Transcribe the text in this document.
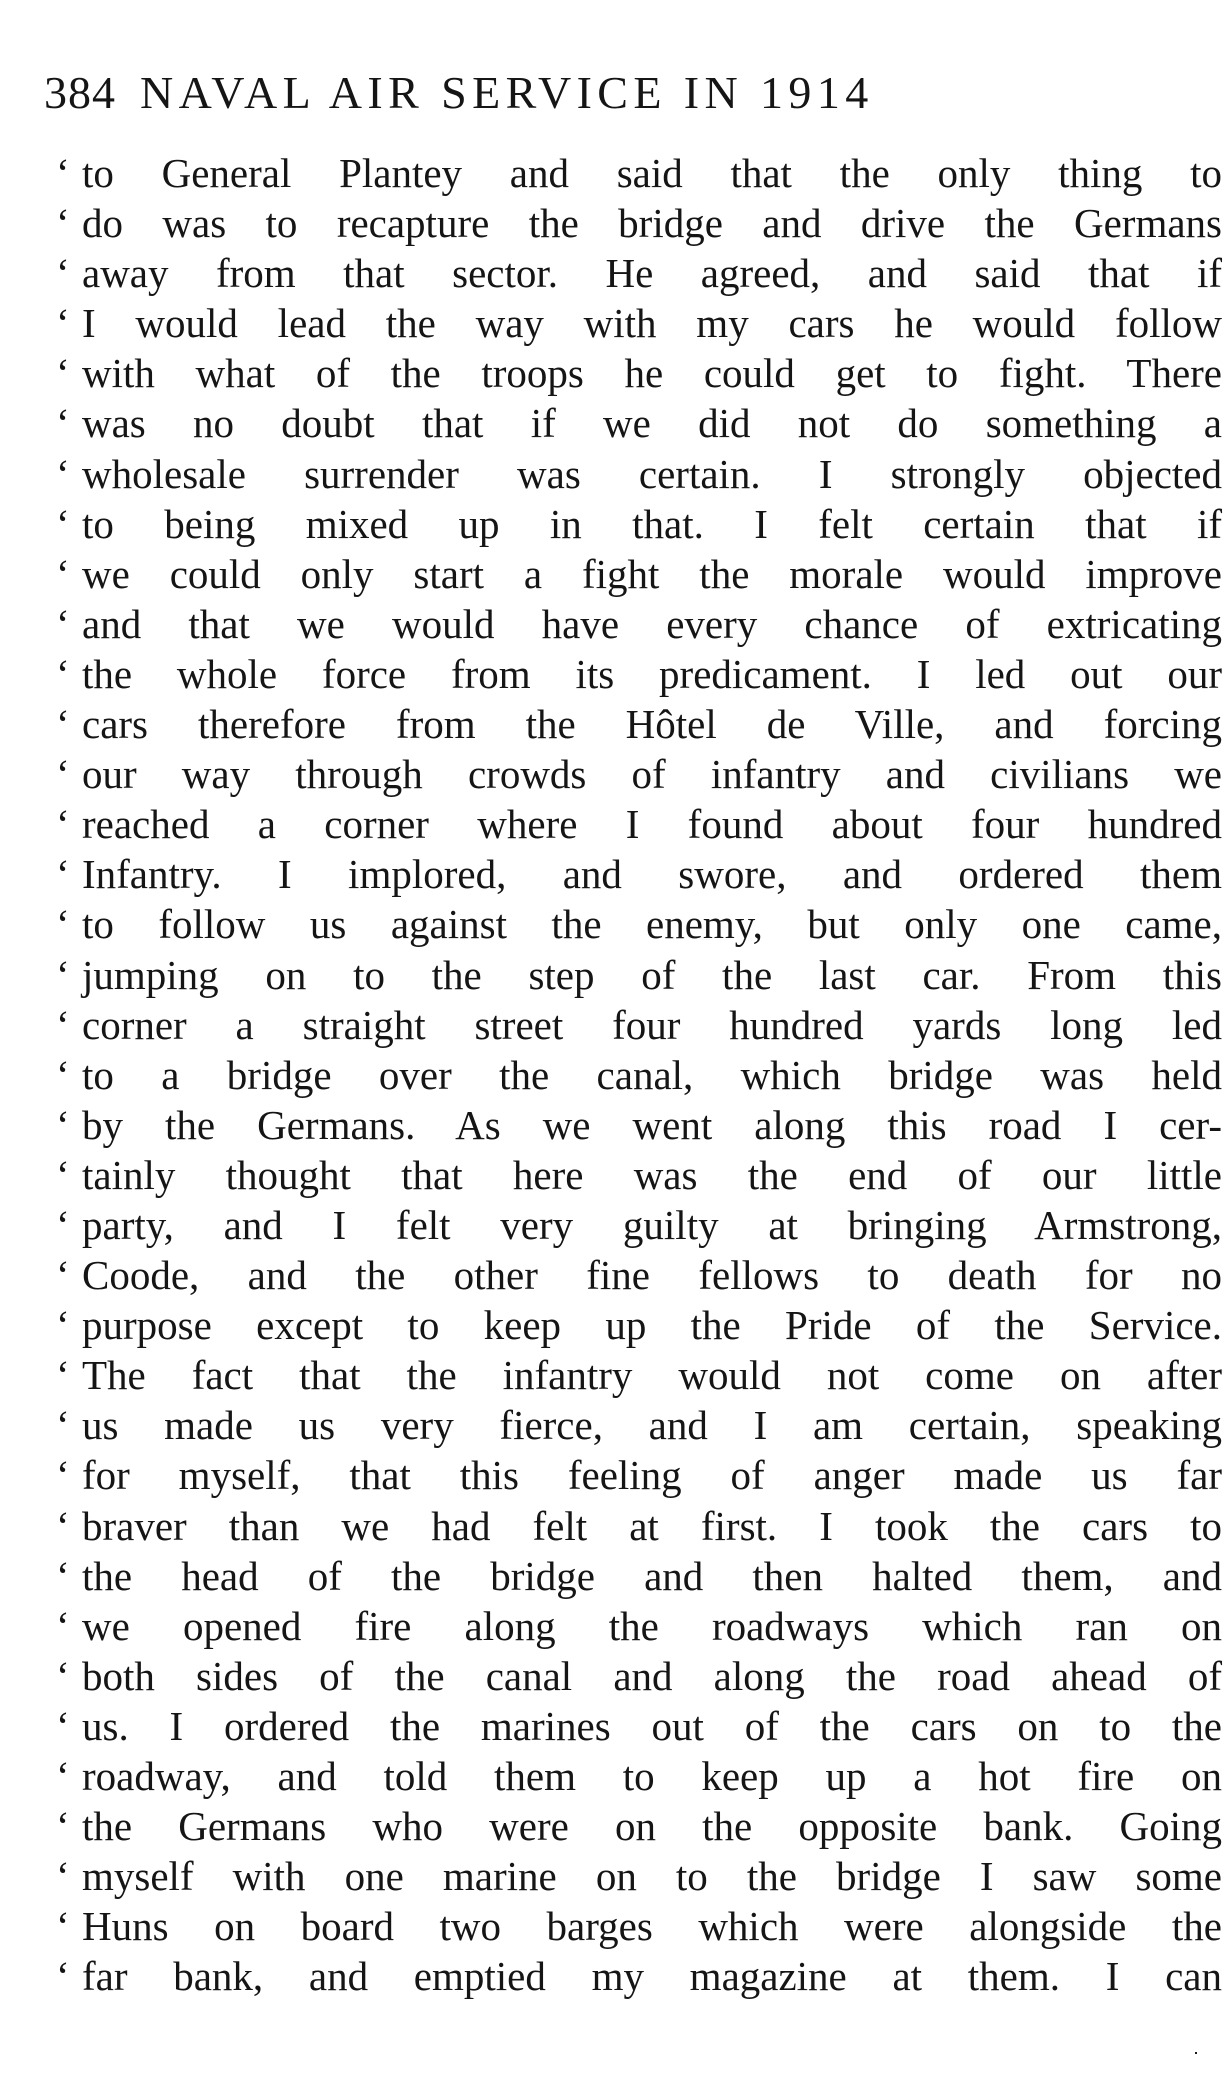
384 NAVAL AIR SERVICE IN 1914
‘ to General Plantey and said that the only thing to
‘ do was to recapture the bridge and drive the Germans
‘ away from that sector. He agreed, and said that if
‘ I would lead the way with my cars he would follow
‘ with what of the troops he could get to fight. There
‘ was no doubt that if we did not do something a
‘ wholesale surrender was certain. I strongly objected
‘ to being mixed up in that. I felt certain that if
‘ we could only start a fight the morale would improve
‘ and that we would have every chance of extricating
‘ the whole force from its predicament. I led out our
‘ cars therefore from the Hôtel de Ville, and forcing
‘ our way through crowds of infantry and civilians we
‘ reached a corner where I found about four hundred
‘ Infantry. I implored, and swore, and ordered them
‘ to follow us against the enemy, but only one came,
‘ jumping on to the step of the last car. From this
‘ corner a straight street four hundred yards long led
‘ to a bridge over the canal, which bridge was held
‘ by the Germans. As we went along this road I cer-
‘ tainly thought that here was the end of our little
‘ party, and I felt very guilty at bringing Armstrong,
‘ Coode, and the other fine fellows to death for no
‘ purpose except to keep up the Pride of the Service.
‘ The fact that the infantry would not come on after
‘ us made us very fierce, and I am certain, speaking
‘ for myself, that this feeling of anger made us far
‘ braver than we had felt at first. I took the cars to
‘ the head of the bridge and then halted them, and
‘ we opened fire along the roadways which ran on
‘ both sides of the canal and along the road ahead of
‘ us. I ordered the marines out of the cars on to the
‘ roadway, and told them to keep up a hot fire on
‘ the Germans who were on the opposite bank. Going
‘ myself with one marine on to the bridge I saw some
‘ Huns on board two barges which were alongside the
‘ far bank, and emptied my magazine at them. I can
